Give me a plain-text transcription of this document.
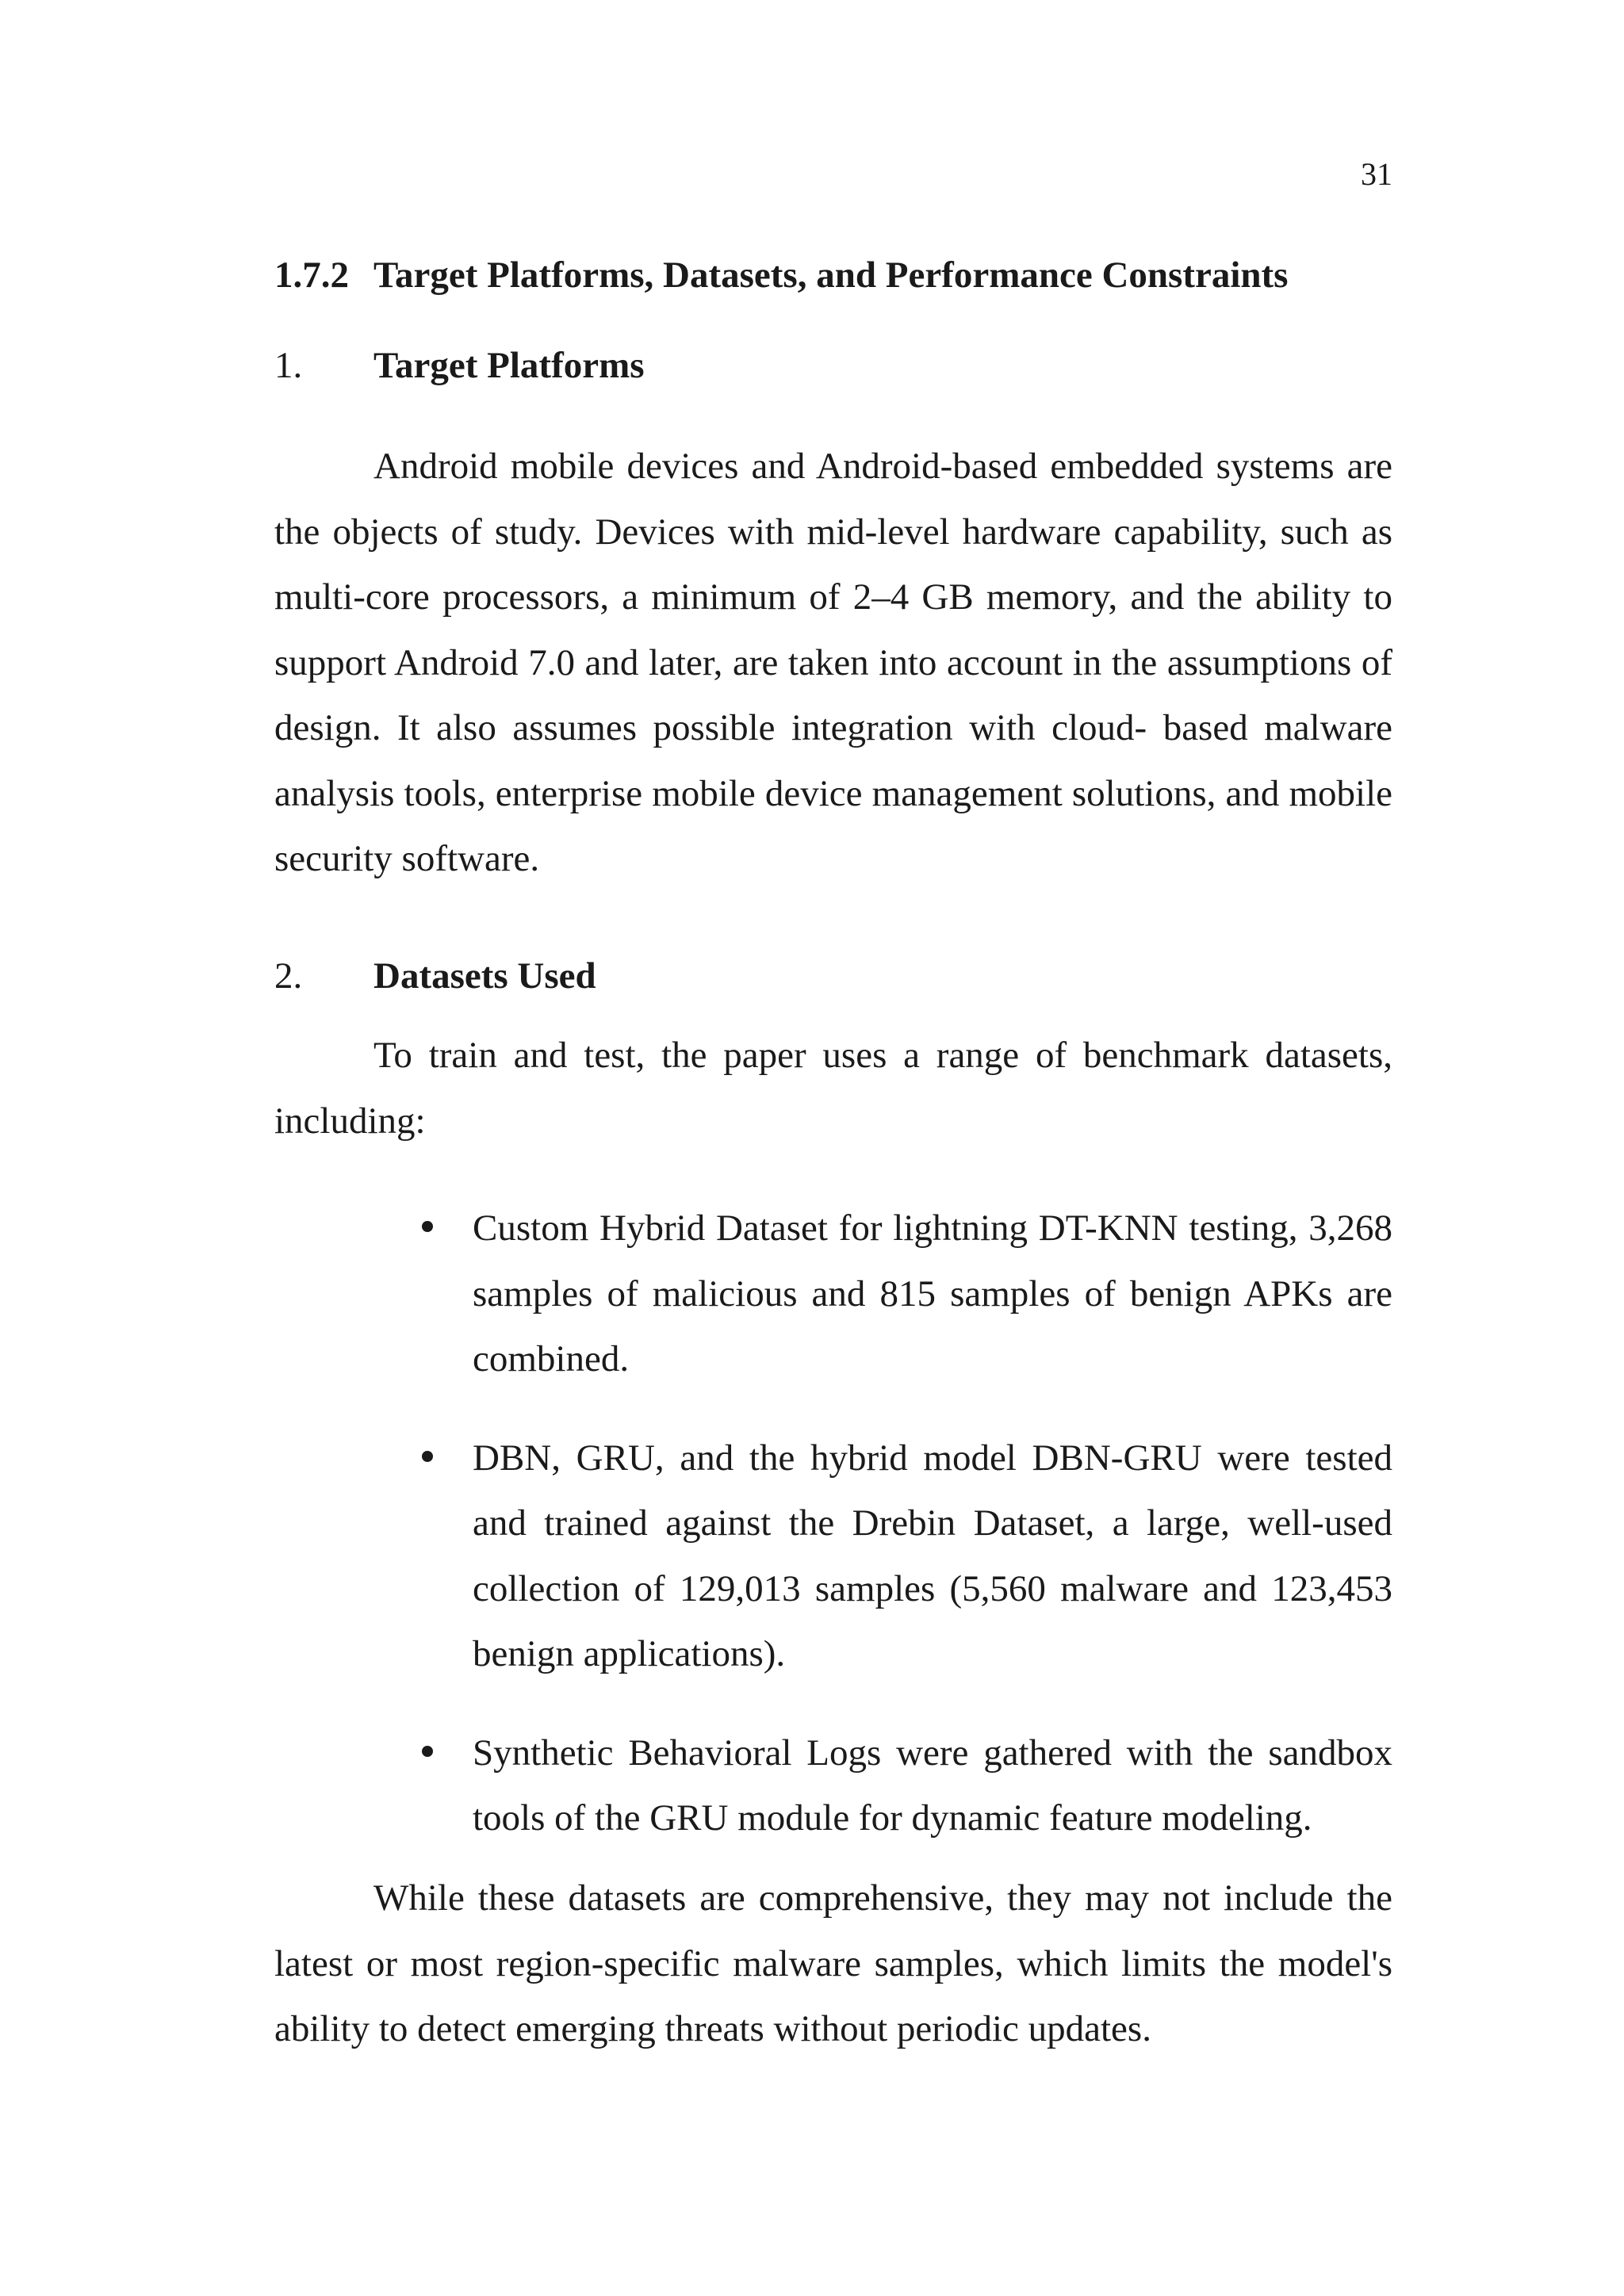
31
1.7.2 Target Platforms, Datasets, and Performance Constraints
1. Target Platforms

Android mobile devices and Android-based embedded systems are the objects of study. Devices with mid-level hardware capability, such as multi-core processors, a minimum of 2–4 GB memory, and the ability to support Android 7.0 and later, are taken into account in the assumptions of design. It also assumes possible integration with cloud- based malware analysis tools, enterprise mobile device management solutions, and mobile security software.

2. Datasets Used

To train and test, the paper uses a range of benchmark datasets, including:

Custom Hybrid Dataset for lightning DT-KNN testing, 3,268 samples of malicious and 815 samples of benign APKs are combined.
DBN, GRU, and the hybrid model DBN-GRU were tested and trained against the Drebin Dataset, a large, well-used collection of 129,013 samples (5,560 malware and 123,453 benign applications).
Synthetic Behavioral Logs were gathered with the sandbox tools of the GRU module for dynamic feature modeling.

While these datasets are comprehensive, they may not include the latest or most region-specific malware samples, which limits the model's ability to detect emerging threats without periodic updates.
